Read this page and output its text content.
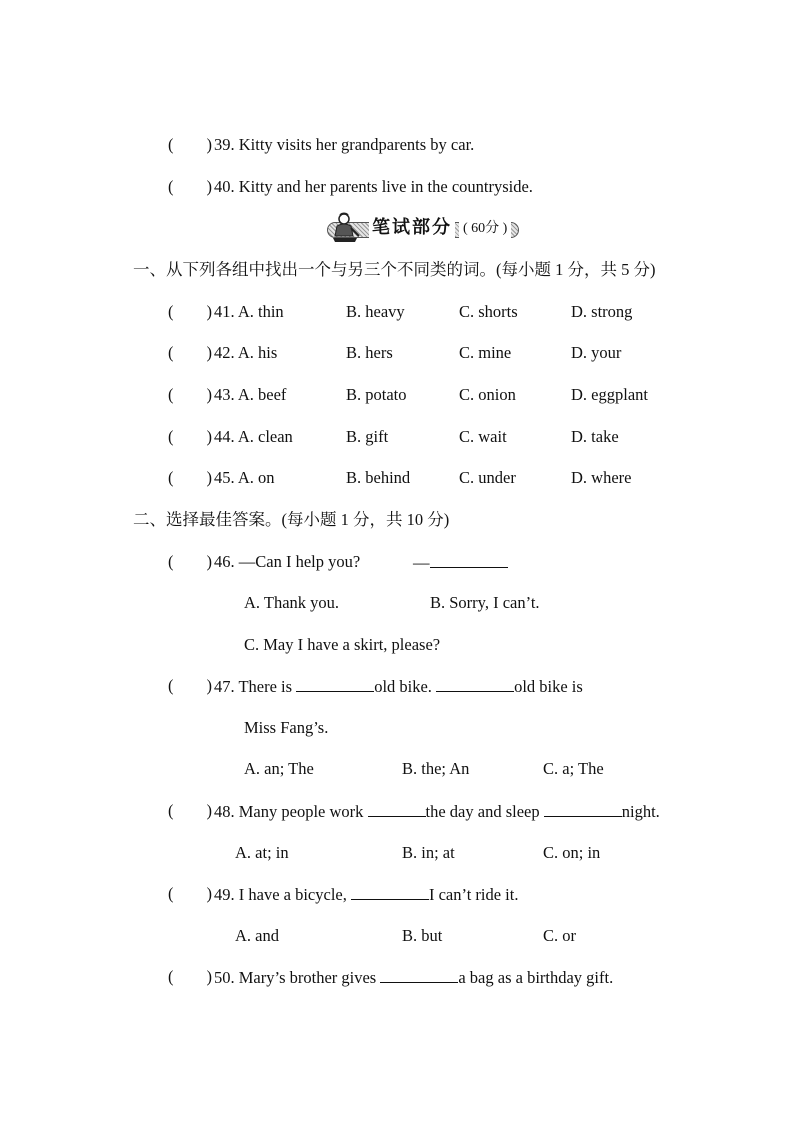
(        ) 39. Kitty visits her grandparents by car.
(        ) 40. Kitty and her parents live in the countryside.
笔试部分 ( 60分 )
一、从下列各组中找出一个与另三个不同类的词。(每小题 1 分，共 5 分)
(        ) 41. A. thin	B. heavy	C. shorts	D. strong
(        ) 42. A. his	B. hers	C. mine	D. your
(        ) 43. A. beef	B. potato	C. onion	D. eggplant
(        ) 44. A. clean	B. gift	C. wait	D. take
(        ) 45. A. on	B. behind	C. under	D. where
二、选择最佳答案。(每小题 1 分，共 10 分)
(        ) 46. —Can I help you?	—
A. Thank you.	B. Sorry, I can’t.
C. May I have a skirt, please?
(        ) 47. There is	old bike.	old bike is
Miss Fang’s.
A. an; The	B. the; An	C. a; The
(        ) 48. Many people work	the day and sleep	night.
A. at; in	B. in; at	C. on; in
(        ) 49. I have a bicycle,	I can’t ride it.
A. and	B. but	C. or
(        ) 50. Mary’s brother gives	a bag as a birthday gift.
